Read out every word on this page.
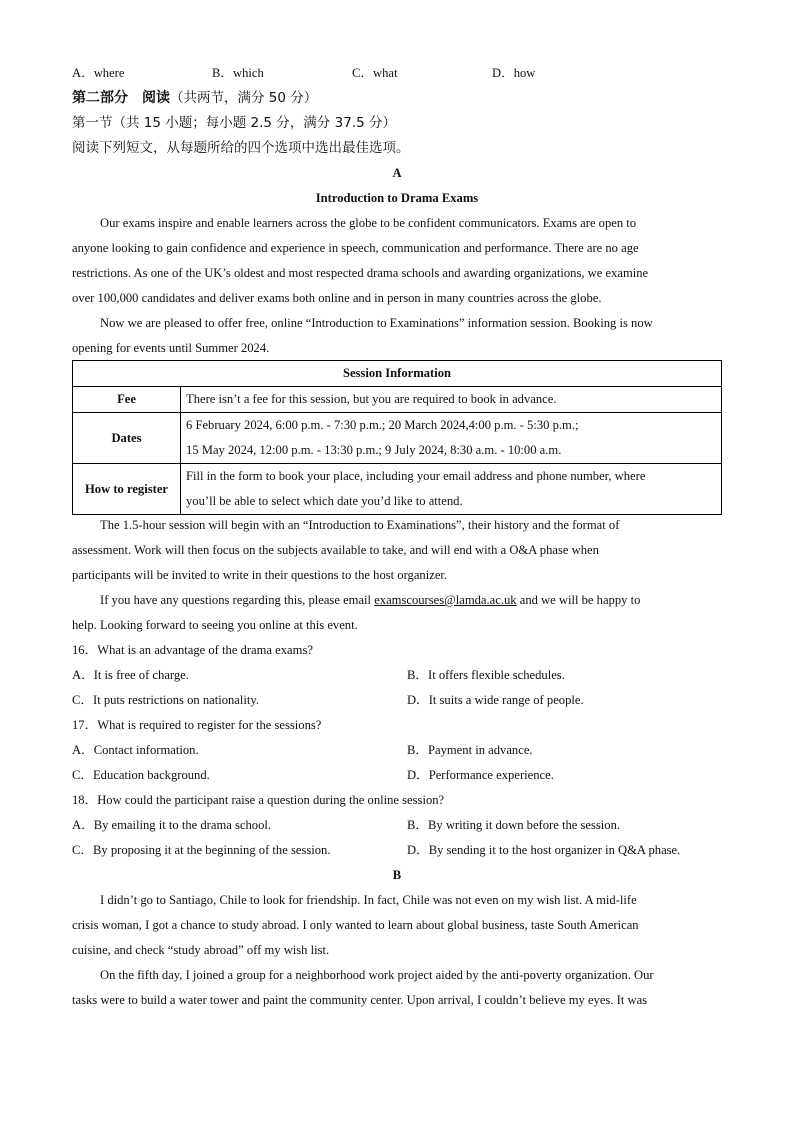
A．where	B．which	C．what	D．how
第二部分　阅读（共两节，满分 50 分）
第一节（共 15 小题；每小题 2.5 分，满分 37.5 分）
阅读下列短文，从每题所给的四个选项中选出最佳选项。
A
Introduction to Drama Exams
Our exams inspire and enable learners across the globe to be confident communicators. Exams are open to
anyone looking to gain confidence and experience in speech, communication and performance. There are no age
restrictions. As one of the UK’s oldest and most respected drama schools and awarding organizations, we examine
over 100,000 candidates and deliver exams both online and in person in many countries across the globe.
Now we are pleased to offer free, online “Introduction to Examinations” information session. Booking is now
opening for events until Summer 2024.
Session Information	
Fee	There isn’t a fee for this session, but you are required to book in advance.
Dates	6 February 2024, 6:00 p.m. - 7:30 p.m.; 20 March 2024,4:00 p.m. - 5:30 p.m.;
15 May 2024, 12:00 p.m. - 13:30 p.m.; 9 July 2024, 8:30 a.m. - 10:00 a.m.

How to register	Fill in the form to book your place, including your email address and phone number, where
you’ll be able to select which date you’d like to attend.
The 1.5-hour session will begin with an “Introduction to Examinations”, their history and the format of
assessment. Work will then focus on the subjects available to take, and will end with a O&A phase when
participants will be invited to write in their questions to the host organizer.
If you have any questions regarding this, please email examscourses@lamda.ac.uk and we will be happy to
help. Looking forward to seeing you online at this event.
16．What is an advantage of the drama exams?
A．It is free of charge.	B．It offers flexible schedules.
C．It puts restrictions on nationality.	D．It suits a wide range of people.
17．What is required to register for the sessions?
A．Contact information.	B．Payment in advance.
C．Education background.	D．Performance experience.
18．How could the participant raise a question during the online session?
A．By emailing it to the drama school.	B．By writing it down before the session.
C．By proposing it at the beginning of the session.	D．By sending it to the host organizer in Q&A phase.
B
I didn’t go to Santiago, Chile to look for friendship. In fact, Chile was not even on my wish list. A mid-life
crisis woman, I got a chance to study abroad. I only wanted to learn about global business, taste South American
cuisine, and check “study abroad” off my wish list.
On the fifth day, I joined a group for a neighborhood work project aided by the anti-poverty organization. Our
tasks were to build a water tower and paint the community center. Upon arrival, I couldn’t believe my eyes. It was
